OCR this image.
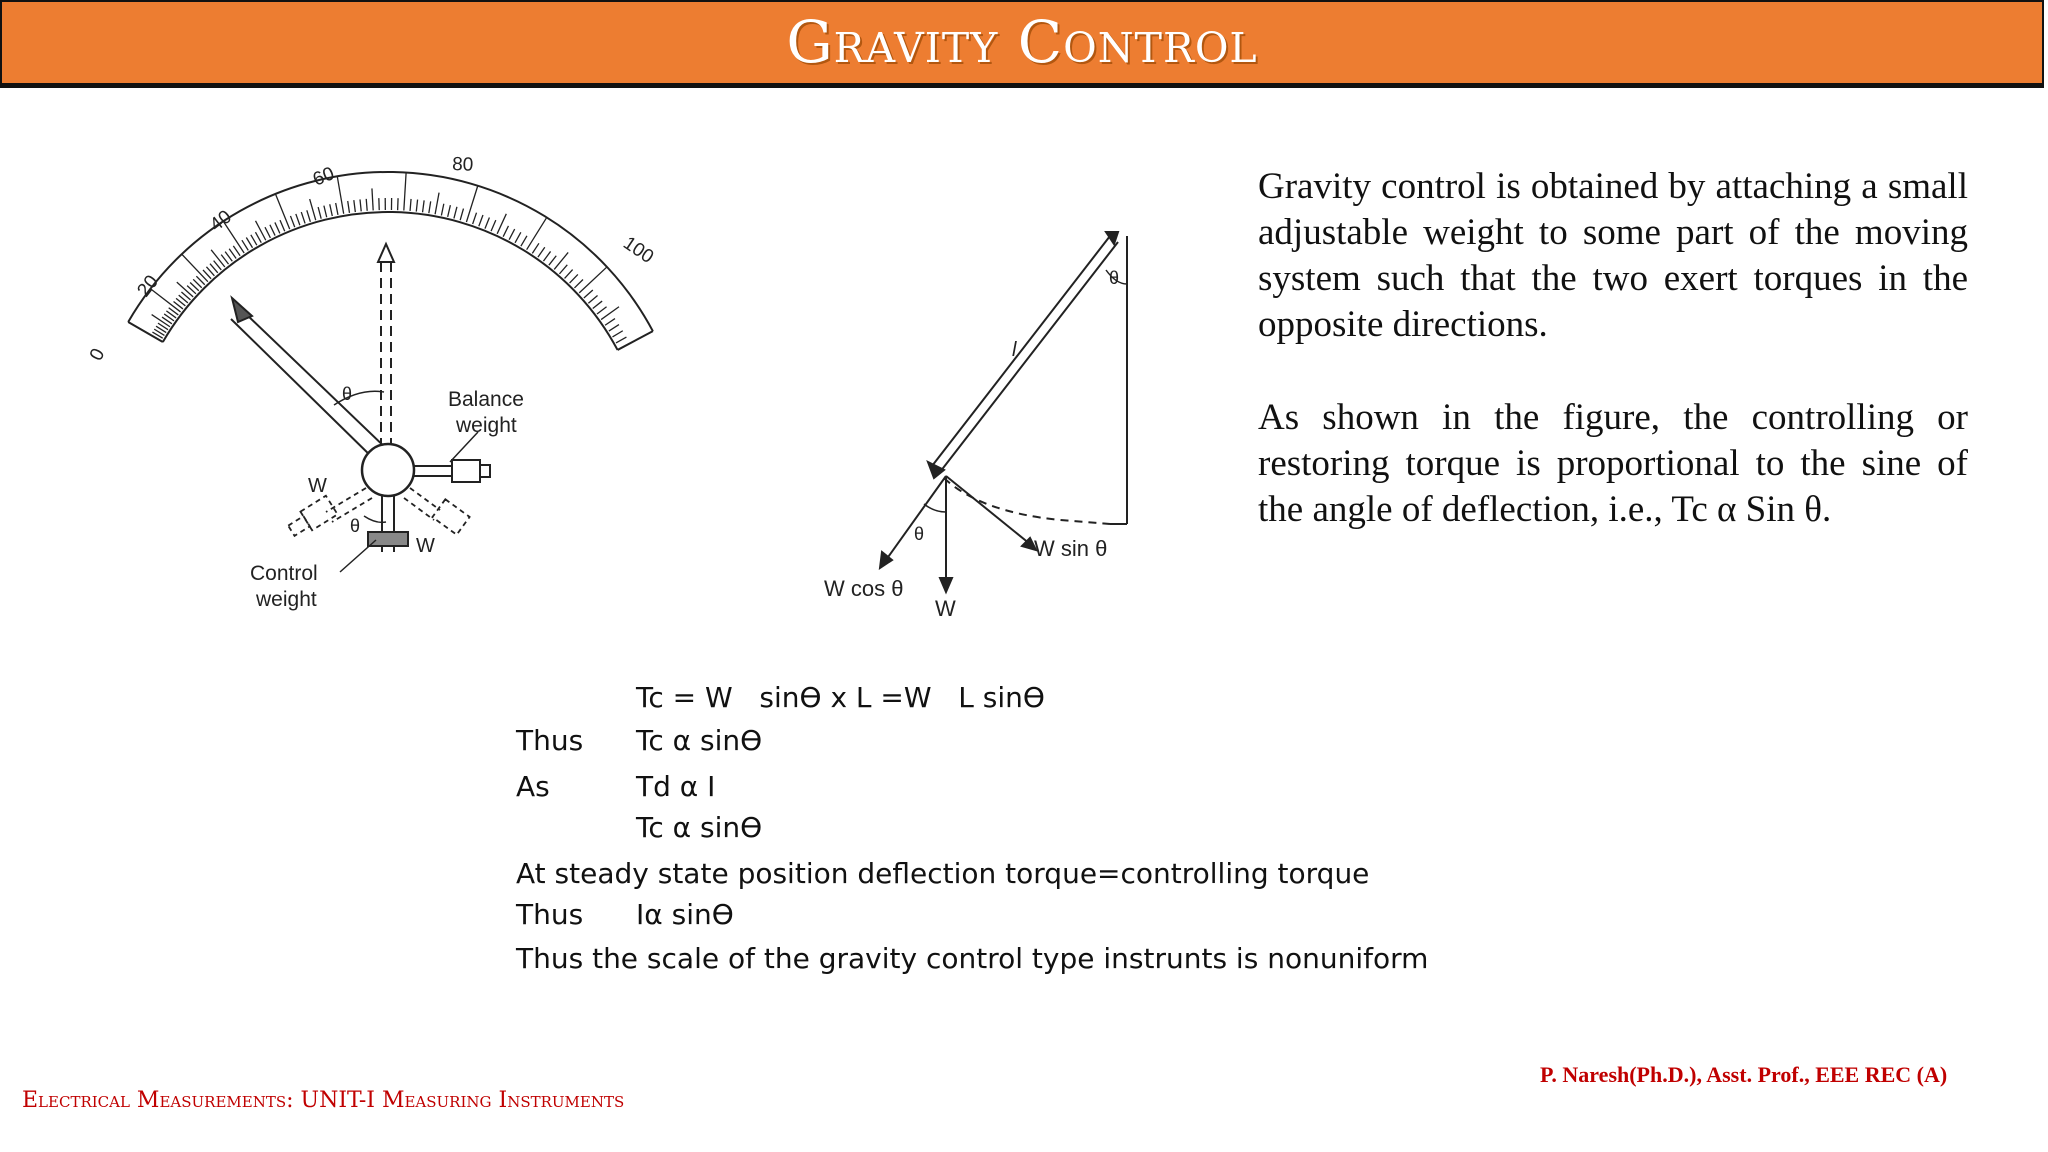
Gravity Control
0
20
40
60	80
100
θ	Balance
weight
W
W
θ
Control
weight
l
θ
θ
W sin θ
W cos θ
W

Gravity control is obtained by attaching a small adjustable weight to some part of the moving system such that the two exert torques in the opposite directions.

As shown in the figure, the controlling or restoring torque is proportional to the sine of the angle of deflection, i.e., Tc α Sin θ.

Tc = W   sinϴ x L =W   L sinϴ
Thus Tc α sinϴ
As	Td α I
Tc α sinϴ
At steady state position deflection torque=controlling torque
Thus Iα sinϴ
Thus the scale of the gravity control type instrunts is nonuniform
P. Naresh(Ph.D.), Asst. Prof., EEE REC (A)
Electrical Measurements: UNIT-I Measuring Instruments
